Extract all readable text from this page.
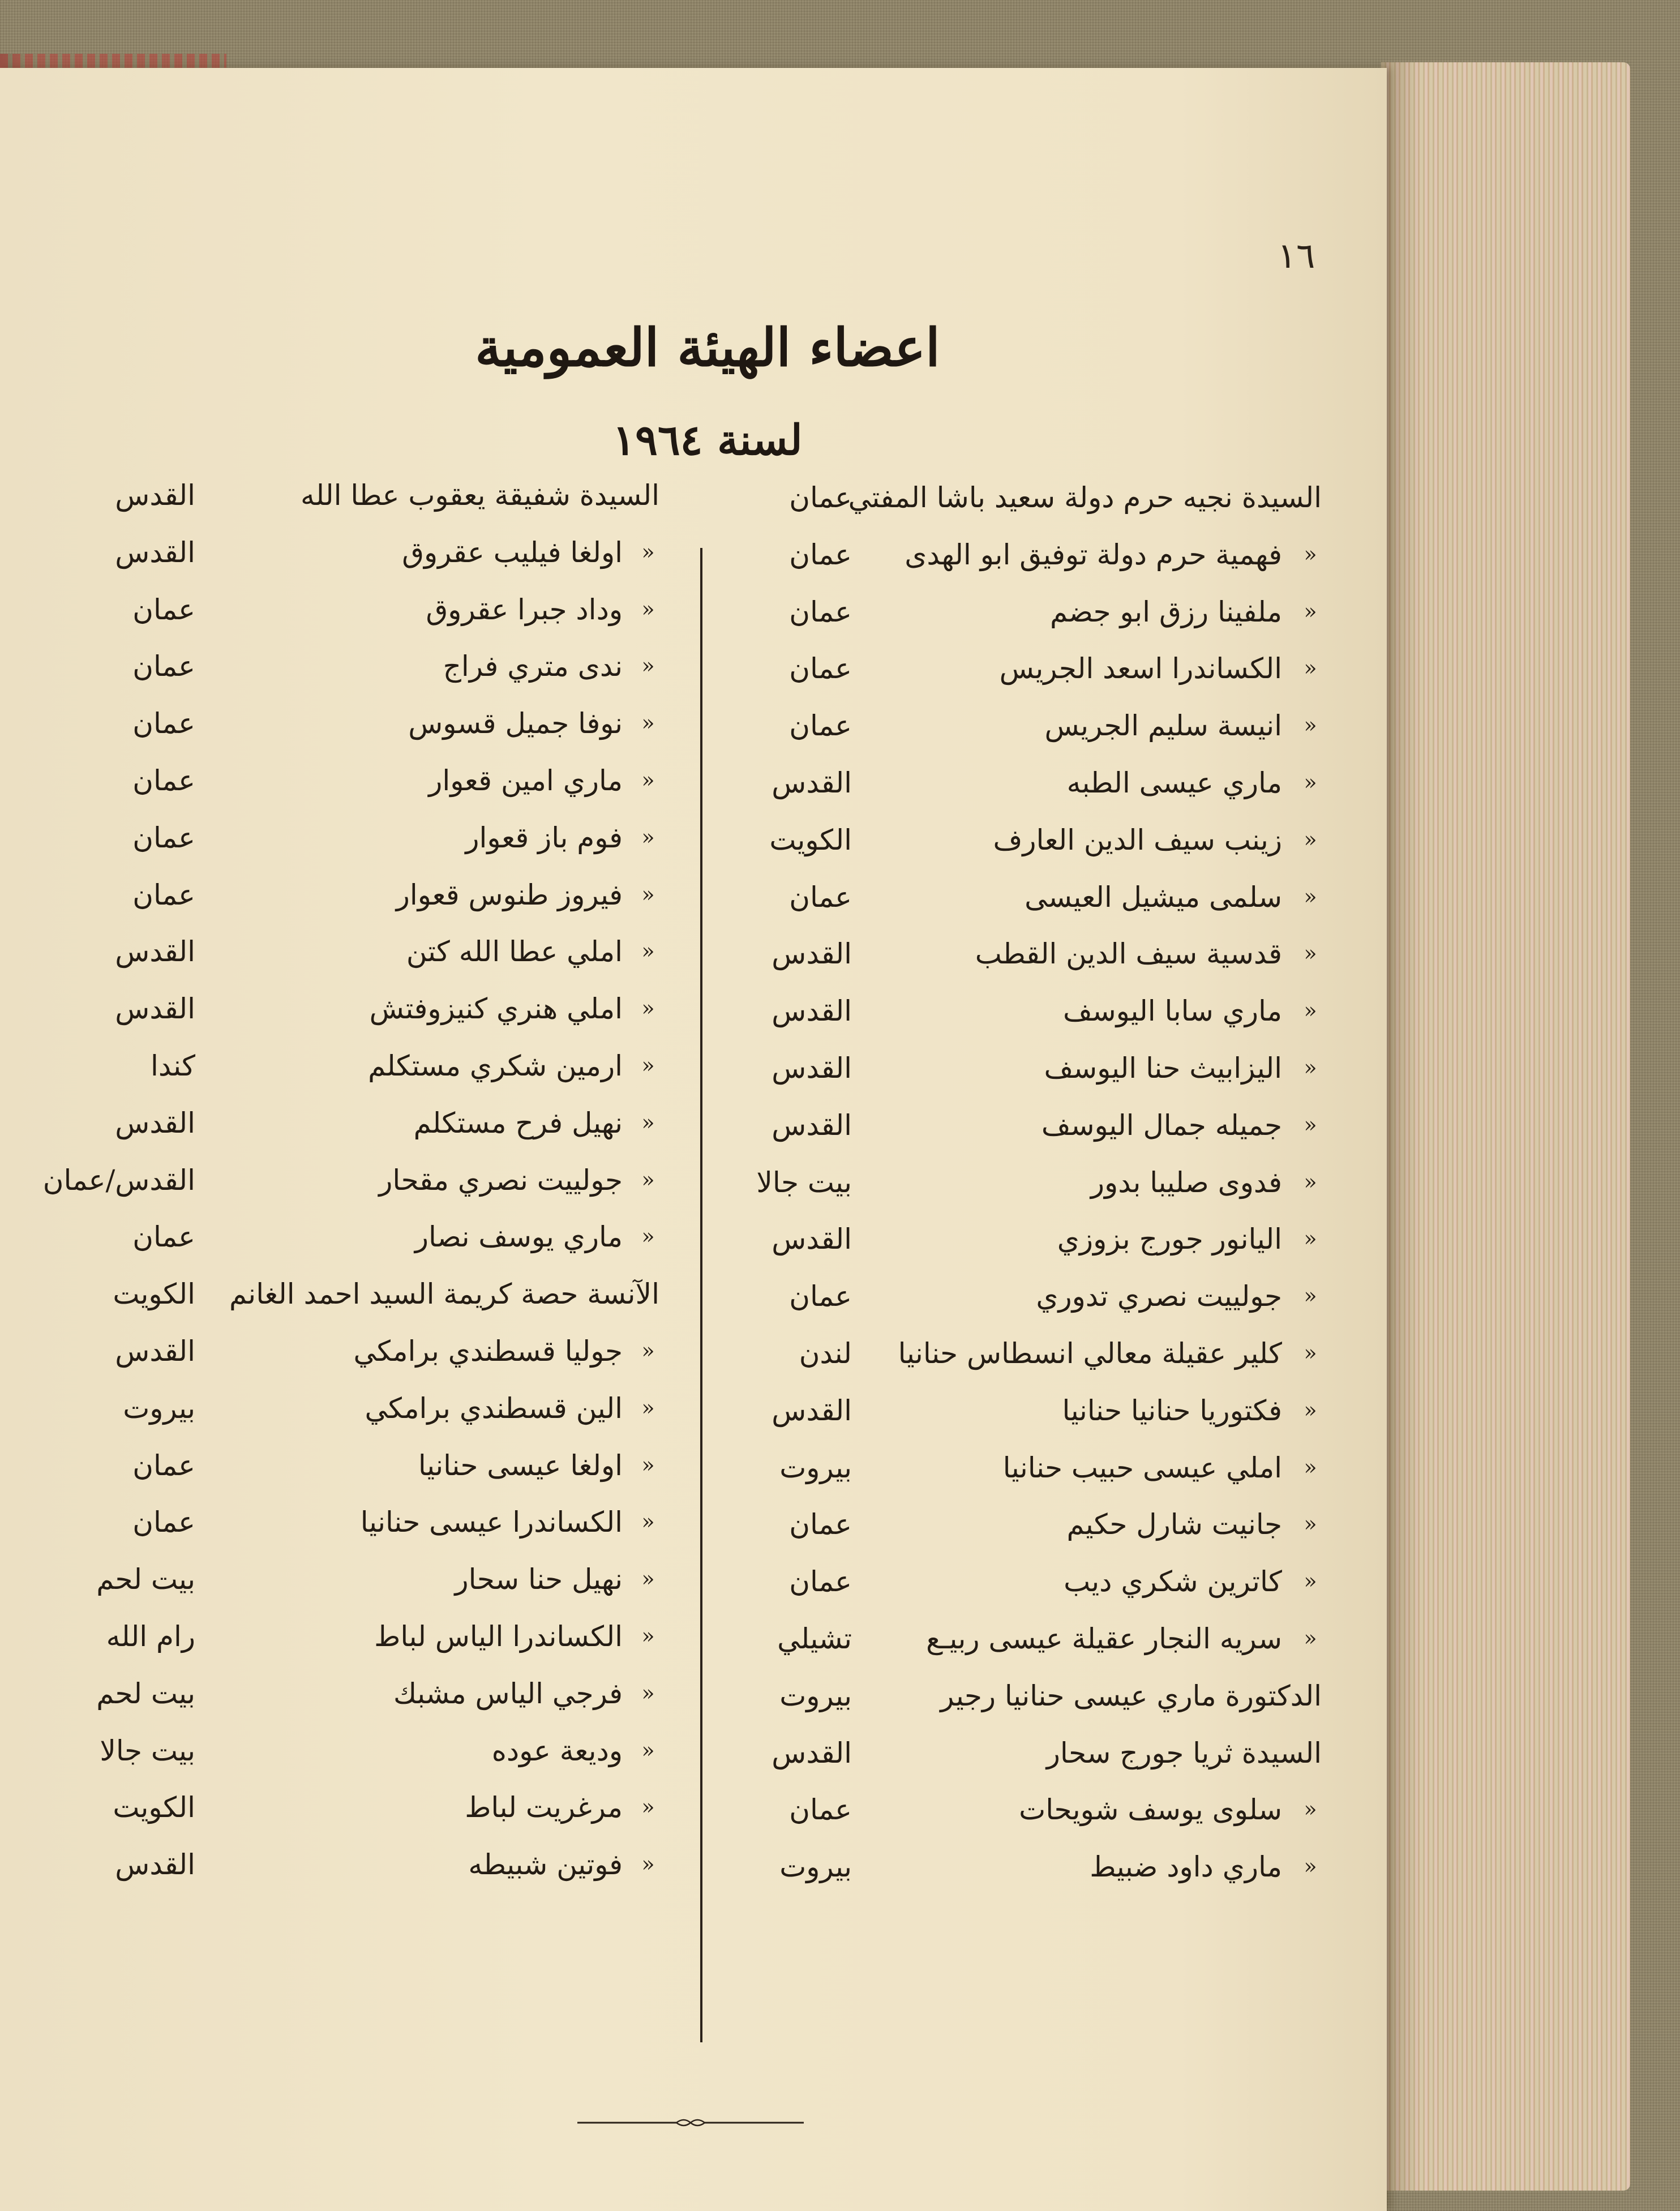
١٦
اعضاء الهيئة العمومية
لسنة ١٩٦٤
السيدة نجيه حرم دولة سعيد باشا المفتي
عمان
«
فهمية حرم دولة توفيق ابو الهدى
عمان
«
ملفينا رزق ابو جضم
عمان
«
الكساندرا اسعد الجريس
عمان
«
انيسة سليم الجريس
عمان
«
ماري عيسى الطبه
القدس
«
زينب سيف الدين العارف
الكويت
«
سلمى ميشيل العيسى
عمان
«
قدسية سيف الدين القطب
القدس
«
ماري سابا اليوسف
القدس
«
اليزابيث حنا اليوسف
القدس
«
جميله جمال اليوسف
القدس
«
فدوى صليبا بدور
بيت جالا
«
اليانور جورج بزوزي
القدس
«
جولييت نصري تدوري
عمان
«
كلير عقيلة معالي انسطاس حنانيا
لندن
«
فكتوريا حنانيا حنانيا
القدس
«
املي عيسى حبيب حنانيا
بيروت
«
جانيت شارل حكيم
عمان
«
كاترين شكري ديب
عمان
«
سريه النجار عقيلة عيسى ربيـع
تشيلي
الدكتورة ماري عيسى حنانيا رجير
بيروت
السيدة ثريا جورج سحار
القدس
«
سلوى يوسف شويحات
عمان
«
ماري داود ضبيط
بيروت
السيدة شفيقة يعقوب عطا الله
القدس
«
اولغا فيليب عقروق
القدس
«
وداد جبرا عقروق
عمان
«
ندى متري فراج
عمان
«
نوفا جميل قسوس
عمان
«
ماري امين قعوار
عمان
«
فوم باز قعوار
عمان
«
فيروز طنوس قعوار
عمان
«
املي عطا الله كتن
القدس
«
املي هنري كنيزوفتش
القدس
«
ارمين شكري مستكلم
كندا
«
نهيل فرح مستكلم
القدس
«
جولييت نصري مقحار
القدس/عمان
«
ماري يوسف نصار
عمان
الآنسة حصة كريمة السيد احمد الغانم
الكويت
«
جوليا قسطندي برامكي
القدس
«
الين قسطندي برامكي
بيروت
«
اولغا عيسى حنانيا
عمان
«
الكساندرا عيسى حنانيا
عمان
«
نهيل حنا سحار
بيت لحم
«
الكساندرا الياس لباط
رام الله
«
فرجي الياس مشبك
بيت لحم
«
وديعة عوده
بيت جالا
«
مرغريت لباط
الكويت
«
فوتين شبيطه
القدس
